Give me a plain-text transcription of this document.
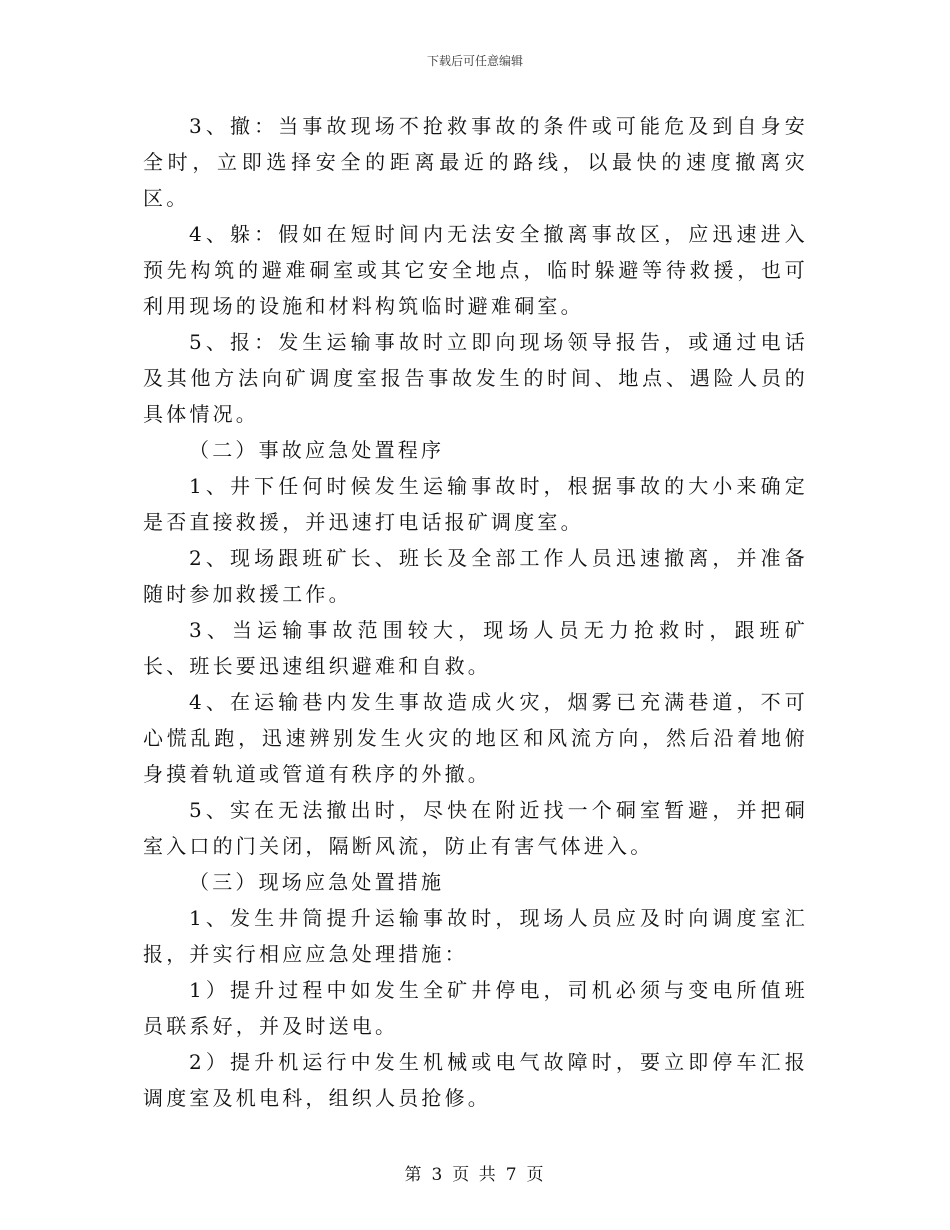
下载后可任意编辑

3、撤：当事故现场不抢救事故的条件或可能危及到自身安全时，立即选择安全的距离最近的路线，以最快的速度撤离灾区。

4、躲：假如在短时间内无法安全撤离事故区，应迅速进入预先构筑的避难硐室或其它安全地点，临时躲避等待救援，也可利用现场的设施和材料构筑临时避难硐室。

5、报：发生运输事故时立即向现场领导报告，或通过电话及其他方法向矿调度室报告事故发生的时间、地点、遇险人员的具体情况。

（二）事故应急处置程序

1、井下任何时候发生运输事故时，根据事故的大小来确定是否直接救援，并迅速打电话报矿调度室。

2、现场跟班矿长、班长及全部工作人员迅速撤离，并准备随时参加救援工作。

3、当运输事故范围较大，现场人员无力抢救时，跟班矿长、班长要迅速组织避难和自救。

4、在运输巷内发生事故造成火灾，烟雾已充满巷道，不可心慌乱跑，迅速辨别发生火灾的地区和风流方向，然后沿着地俯身摸着轨道或管道有秩序的外撤。

5、实在无法撤出时，尽快在附近找一个硐室暂避，并把硐室入口的门关闭，隔断风流，防止有害气体进入。

（三）现场应急处置措施

1、发生井筒提升运输事故时，现场人员应及时向调度室汇报，并实行相应应急处理措施：

1）提升过程中如发生全矿井停电，司机必须与变电所值班员联系好，并及时送电。

2）提升机运行中发生机械或电气故障时，要立即停车汇报调度室及机电科，组织人员抢修。

第 3 页 共 7 页
